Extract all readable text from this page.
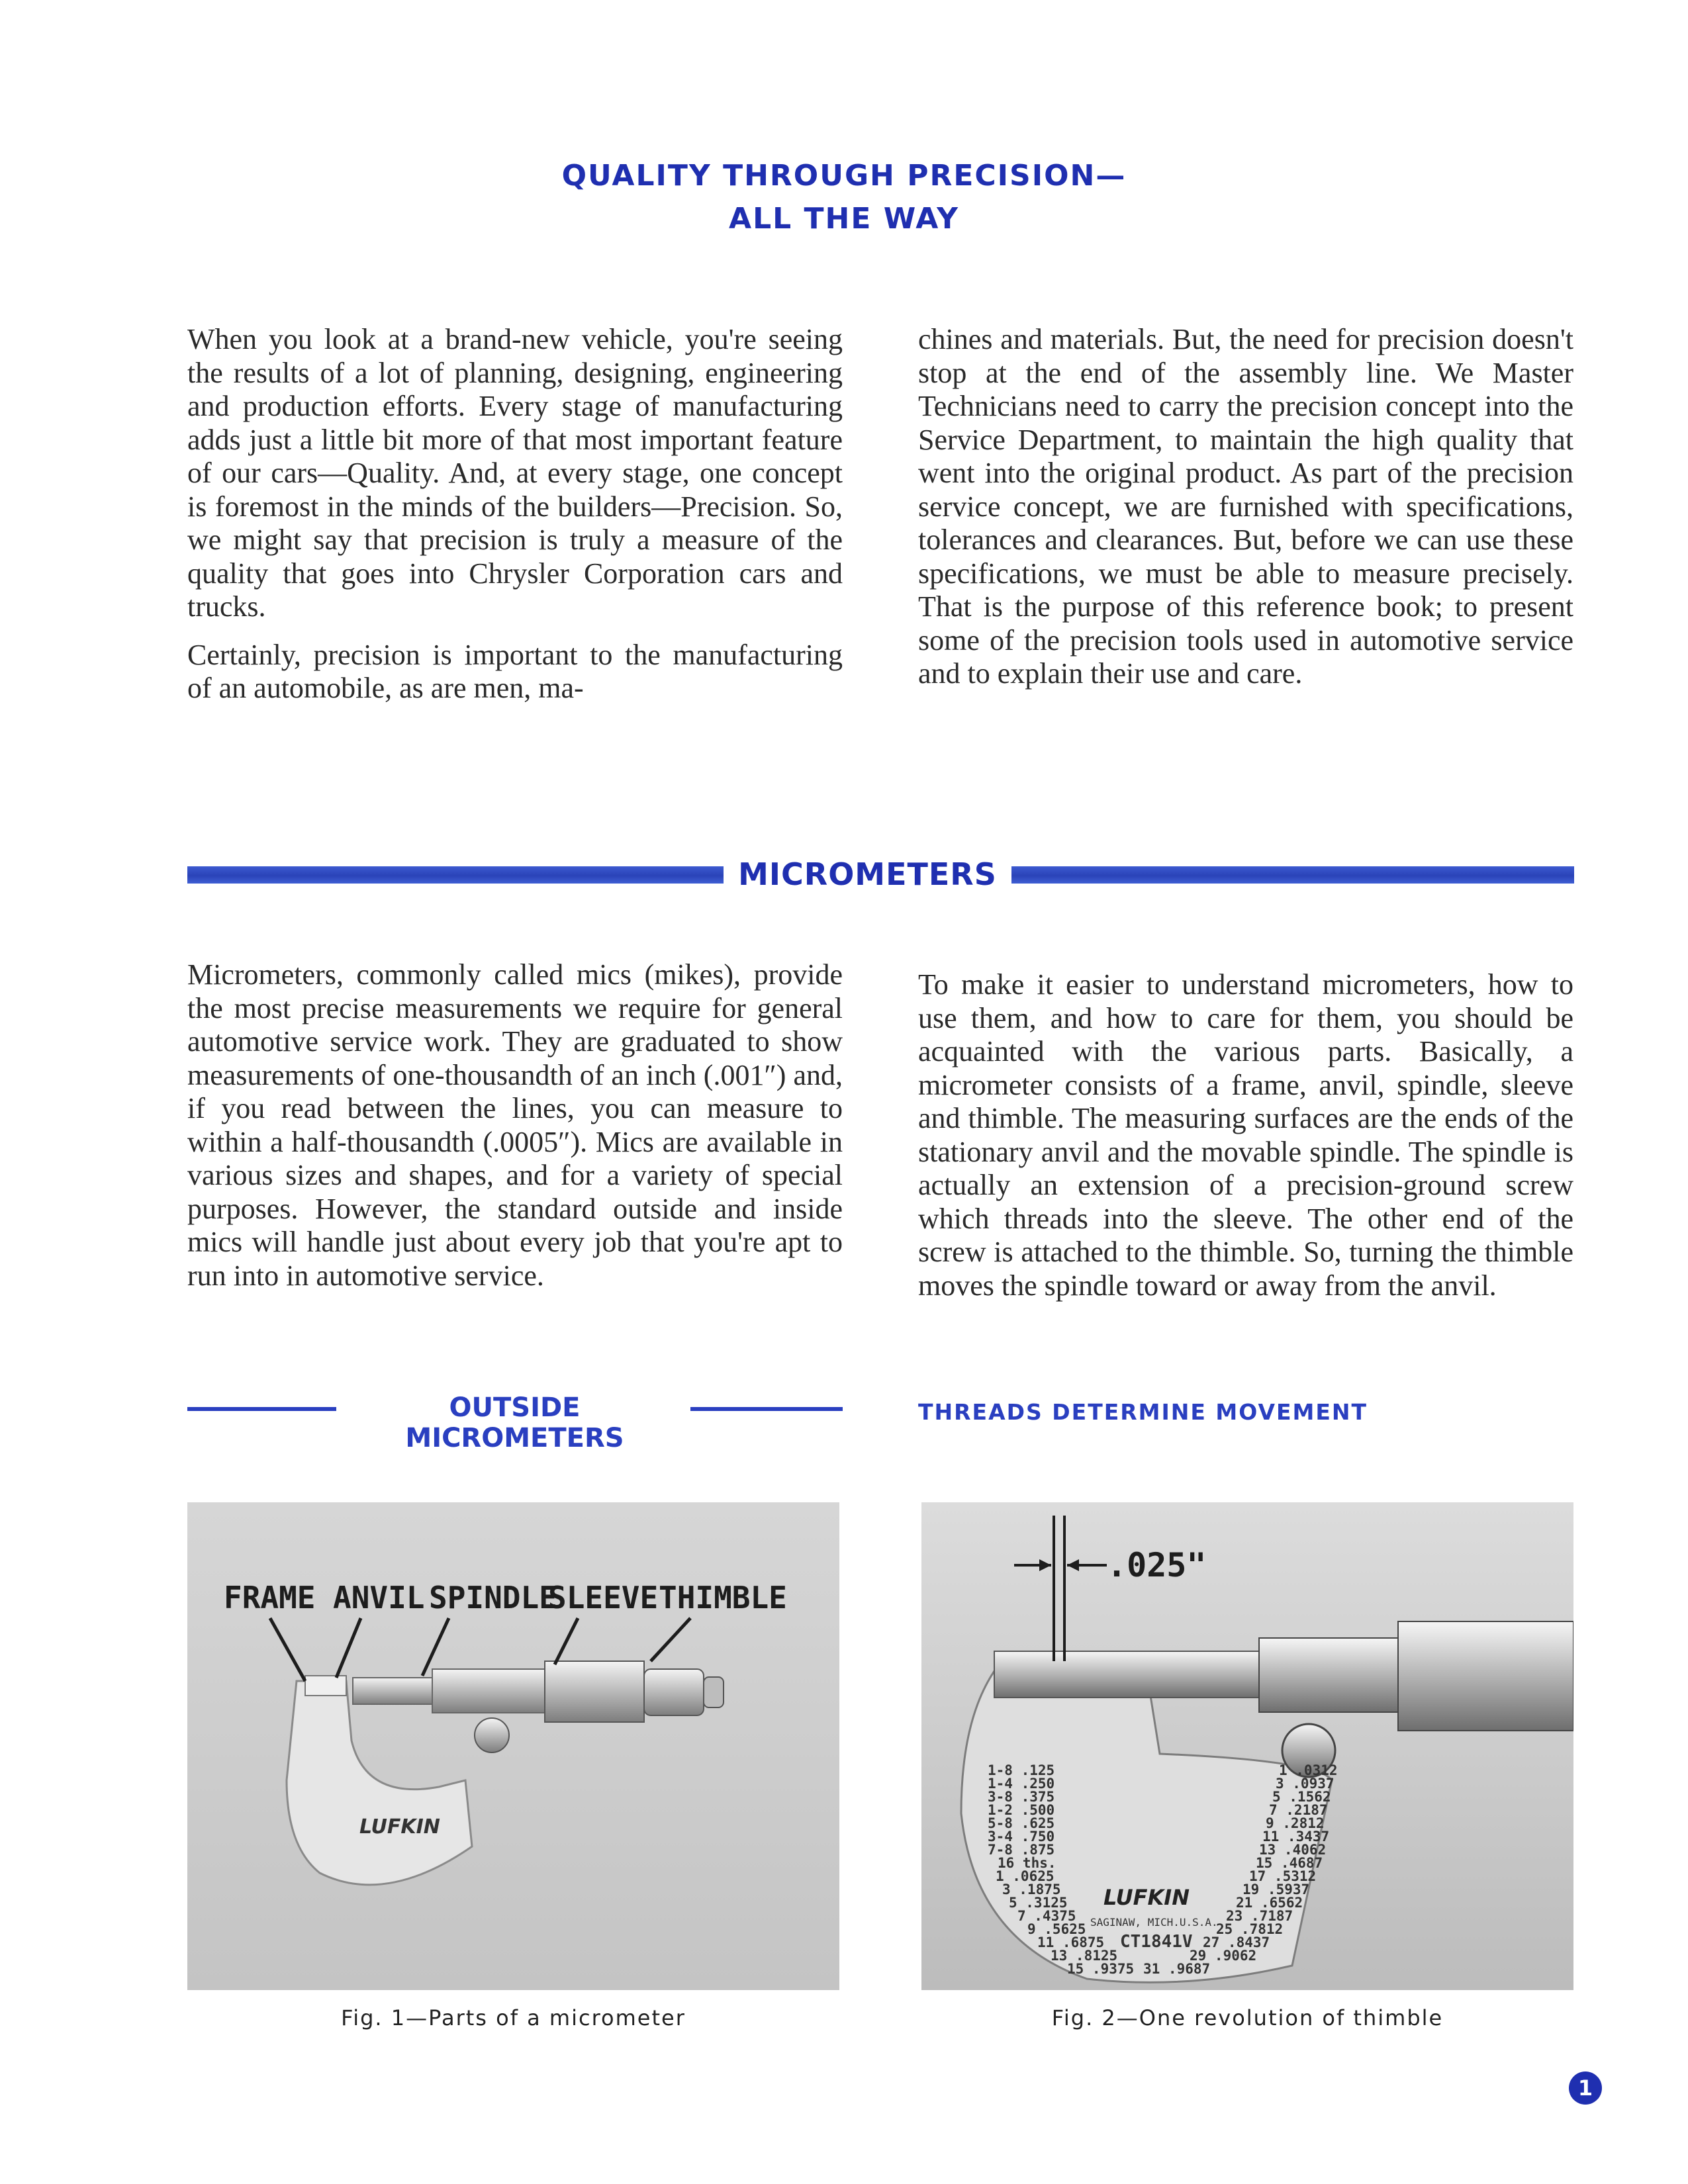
QUALITY THROUGH PRECISION—
ALL THE WAY

When you look at a brand-new vehicle, you're seeing the results of a lot of planning, designing, engineering and production efforts. Every stage of manufacturing adds just a little bit more of that most important feature of our cars—Quality. And, at every stage, one concept is foremost in the minds of the builders—Precision. So, we might say that precision is truly a measure of the quality that goes into Chrysler Corporation cars and trucks.

Certainly, precision is important to the manufacturing of an automobile, as are men, ma-

chines and materials. But, the need for precision doesn't stop at the end of the assembly line. We Master Technicians need to carry the precision concept into the Service Department, to maintain the high quality that went into the original product. As part of the precision service concept, we are furnished with specifications, tolerances and clearances. But, before we can use these specifications, we must be able to measure precisely. That is the purpose of this reference book; to present some of the precision tools used in automotive service and to explain their use and care.

MICROMETERS

Micrometers, commonly called mics (mikes), provide the most precise measurements we require for general automotive service work. They are graduated to show measurements of one-thousandth of an inch (.001″) and, if you read between the lines, you can measure to within a half-thousandth (.0005″). Mics are available in various sizes and shapes, and for a variety of special purposes. However, the standard outside and inside mics will handle just about every job that you're apt to run into in automotive service.

To make it easier to understand micrometers, how to use them, and how to care for them, you should be acquainted with the various parts. Basically, a micrometer consists of a frame, anvil, spindle, sleeve and thimble. The measuring surfaces are the ends of the stationary anvil and the movable spindle. The spindle is actually an extension of a precision-ground screw which threads into the sleeve. The other end of the screw is attached to the thimble. So, turning the thimble moves the spindle toward or away from the anvil.

OUTSIDE MICROMETERS
THREADS DETERMINE MOVEMENT
FRAME ANVIL SPINDLE
SLEEVE THIMBLE
LUFKIN
.025"
1-8 .125
1-4 .250
3-8 .375
1-2 .500
5-8 .625
3-4 .750
7-8 .875
16 ths.
1 .0625
3 .1875
5 .3125
7 .4375
9 .5625
11 .6875
13 .8125
15 .9375
1 .0312
3 .0937
5 .1562
7 .2187
9 .2812
11 .3437
13 .4062
15 .4687
17 .5312
19 .5937
21 .6562
23 .7187
25 .7812
27 .8437
29 .9062
31 .9687
LUFKIN
SAGINAW, MICH.U.S.A.
CT1841V
Fig. 1—Parts of a micrometer	Fig. 2—One revolution of thimble
1
